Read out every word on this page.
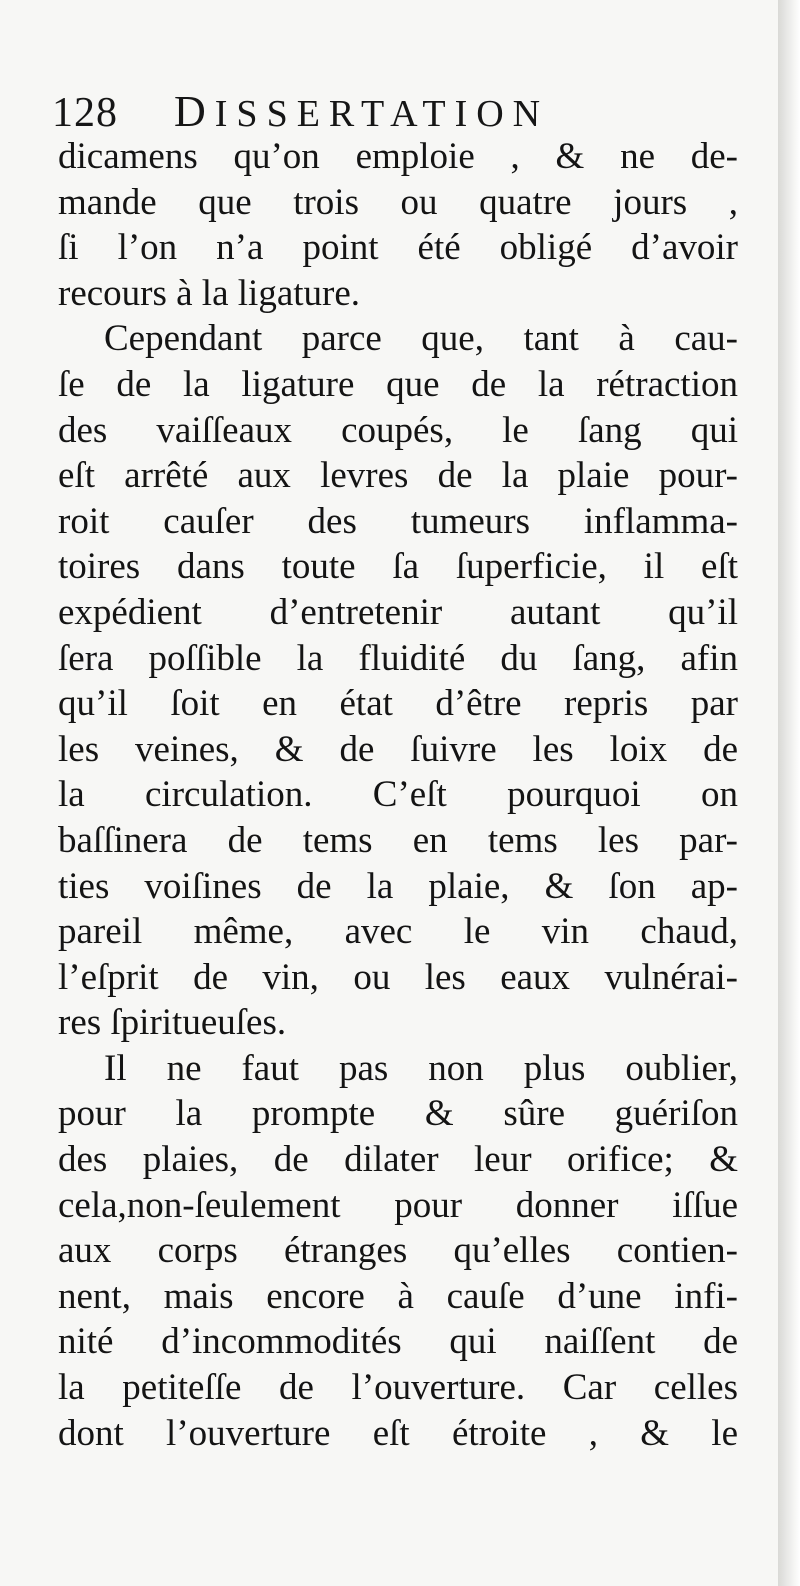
128 DISSERTATION
dicamens qu’on emploie , & ne de-
mande que trois ou quatre jours ,
ſi l’on n’a point été obligé d’avoir
recours à la ligature.
Cependant parce que, tant à cau-
ſe de la ligature que de la rétraction
des vaiſſeaux coupés, le ſang qui
eſt arrêté aux levres de la plaie pour-
roit cauſer des tumeurs inflamma-
toires dans toute ſa ſuperficie, il eſt
expédient d’entretenir autant qu’il
ſera poſſible la fluidité du ſang, afin
qu’il ſoit en état d’être repris par
les veines, & de ſuivre les loix de
la circulation. C’eſt pourquoi on
baſſinera de tems en tems les par-
ties voiſines de la plaie, & ſon ap-
pareil même, avec le vin chaud,
l’eſprit de vin, ou les eaux vulnérai-
res ſpiritueuſes.
Il ne faut pas non plus oublier,
pour la prompte & sûre guériſon
des plaies, de dilater leur orifice; &
cela,non-ſeulement pour donner iſſue
aux corps étranges qu’elles contien-
nent, mais encore à cauſe d’une infi-
nité d’incommodités qui naiſſent de
la petiteſſe de l’ouverture. Car celles
dont l’ouverture eſt étroite , & le
